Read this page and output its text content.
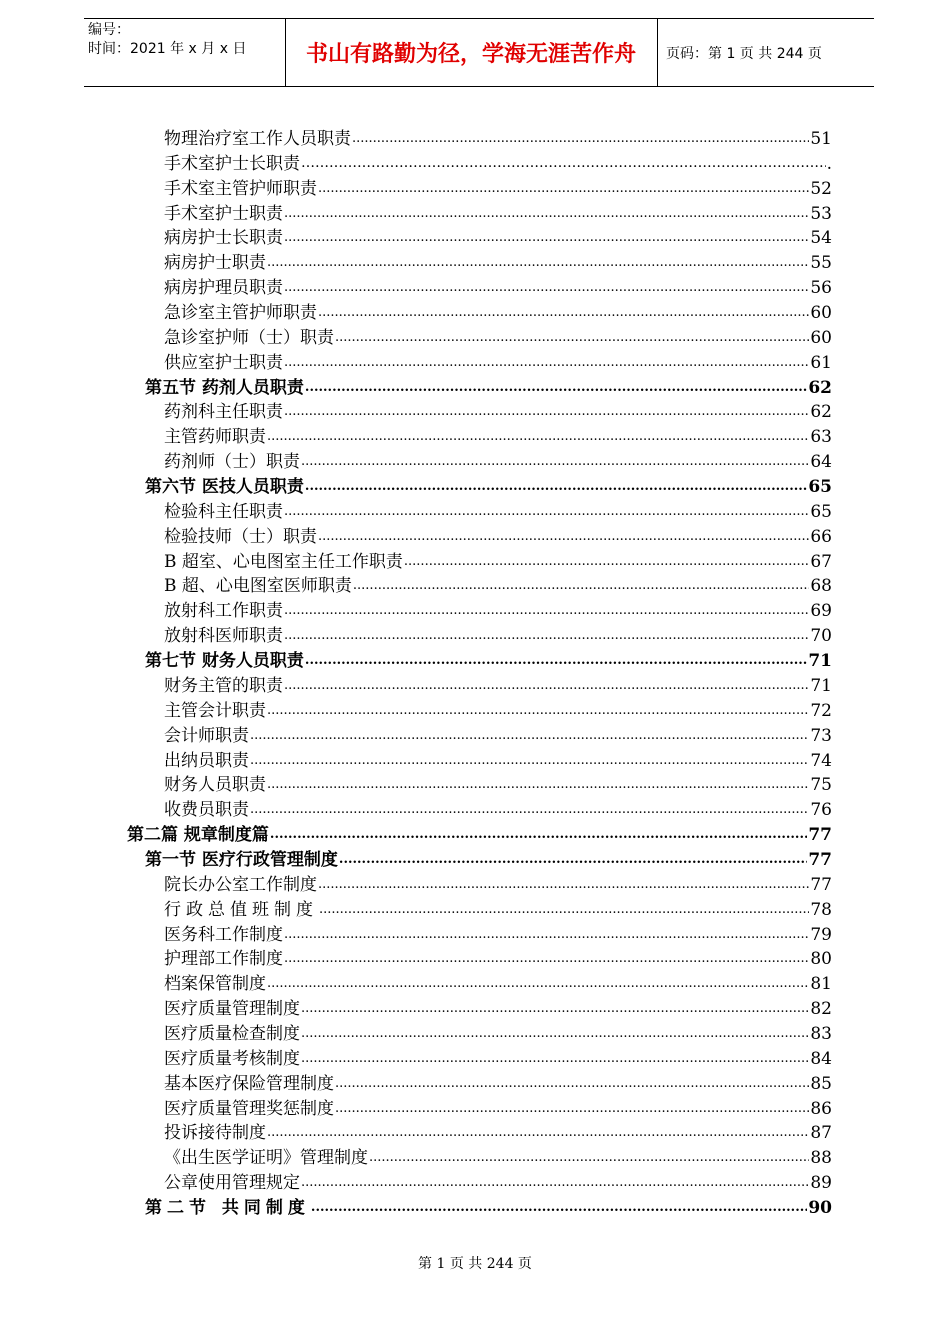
编号：
时间：2021 年 x 月 x 日	书山有路勤为径，学海无涯苦作舟	页码：第 1 页 共 244 页
物理治疗室工作人员职责 .....	51
手术室护士长职责 ……………………………………………………………………………………………………………………………………………	.
手术室主管护师职责 .....	52
手术室护士职责 .....	53
病房护士长职责 .....	54
病房护士职责 .....	55
病房护理员职责 .....	56
急诊室主管护师职责 .....	60
急诊室护师（士）职责 .....	60
供应室护士职责 .....	61
第五节 药剂人员职责 .....	62
药剂科主任职责 .....	62
主管药师职责 .....	63
药剂师（士）职责 .....	64
第六节 医技人员职责 .....	65
检验科主任职责 .....	65
检验技师（士）职责 .....	66
B 超室、心电图室主任工作职责 .....	67
B 超、心电图室医师职责 .....	68
放射科工作职责 .....	69
放射科医师职责 .....	70
第七节 财务人员职责 .....	71
财务主管的职责 .....	71
主管会计职责 .....	72
会计师职责 .....	73
出纳员职责 .....	74
财务人员职责 .....	75
收费员职责 .....	76
第二篇 规章制度篇 .....	77
第一节 医疗行政管理制度 .....	77
院长办公室工作制度 .....	77
行政总值班制度 .....	78
医务科工作制度 .....	79
护理部工作制度 .....	80
档案保管制度 .....	81
医疗质量管理制度 .....	82
医疗质量检查制度 .....	83
医疗质量考核制度 .....	84
基本医疗保险管理制度 .....	85
医疗质量管理奖惩制度 .....	86
投诉接待制度 .....	87
《出生医学证明》管理制度 .....	88
公章使用管理规定 .....	89
第二节 共同制度 .....	90
第 1 页 共 244 页
